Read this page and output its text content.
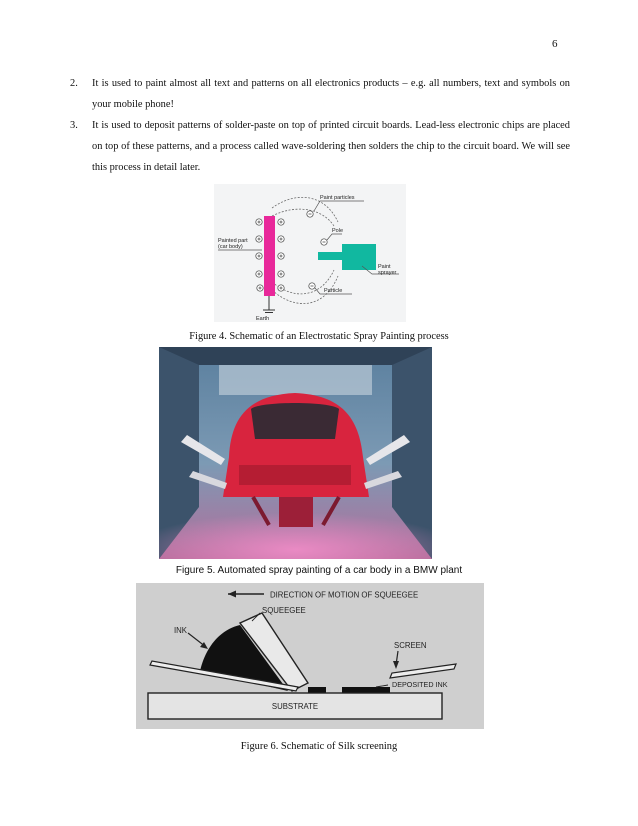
6
2. It is used to paint almost all text and patterns on all electronics products – e.g. all numbers, text and symbols on your mobile phone!
3. It is used to deposit patterns of solder-paste on top of printed circuit boards. Lead-less electronic chips are placed on top of these patterns, and a process called wave-soldering then solders the chip to the circuit board. We will see this process in detail later.
Paint particles
Painted part
(car body)
Pole
Paint
sprayer
Particle
Earth
Figure 4. Schematic of an Electrostatic Spray Painting process
Figure 5. Automated spray painting of a car body in a BMW plant
DIRECTION OF MOTION OF SQUEEGEE
SQUEEGEE
INK
SCREEN
DEPOSITED INK
SUBSTRATE
Figure 6. Schematic of Silk screening
